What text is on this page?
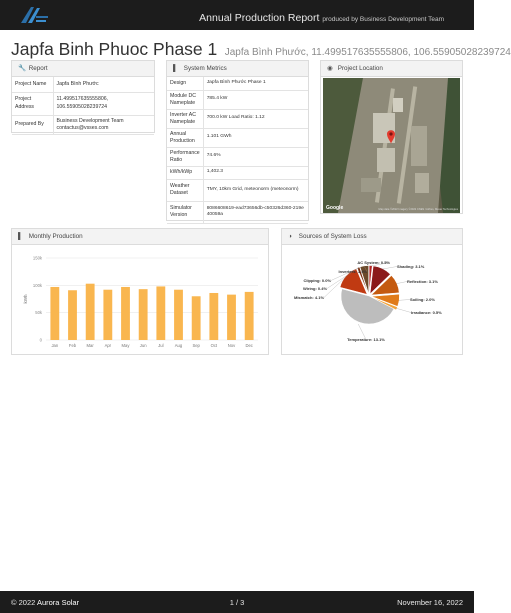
Annual Production Report produced by Business Development Team
Japfa Binh Phuoc Phase 1 Japfa Bình Phước, 11.499517635555806, 106.55905028239724
🔧 Report
Project Name	Japfa Bình Phước
Project Address	11.499517635555806, 106.55905028239724
Prepared By	Business Development Team contactus@vsses.com
▌ System Metrics
Design	Japfa Bình Phước Phase 1
Module DC Nameplate	785.4 kW
Inverter AC Nameplate	700.0 kW Load Ratio: 1.12
Annual Production	1.101 GWh
Performance Ratio	74.6%
kWh/kWp	1,402.3
Weather Dataset	TMY, 10km Grid, meteonorm (meteonorm)
Simulator Version	8086608619-ead73656db-c50326d360-219e40059a
◉ Project Location
Google	Map data ©2022 Imagery ©2022 CNES / Airbus, Maxar Technologies
▌ Monthly Production
0
50k
100k
150k
kWh
Jan	Feb Mar	Apr May Jun	Jul	Aug Sep	Oct	Nov Dec
◑ Sources of System Loss
AC System: 0.5%
Shading: 3.1%
Reflection: 3.1%
Soiling: 2.0%
Irradiance: 0.5%
Temperature: 13.1%
Mismatch: 4.1%
Wiring: 0.4%
Clipping: 0.0%
Inverters: 1.4%
© 2022 Aurora Solar	1 / 3	November 16, 2022
